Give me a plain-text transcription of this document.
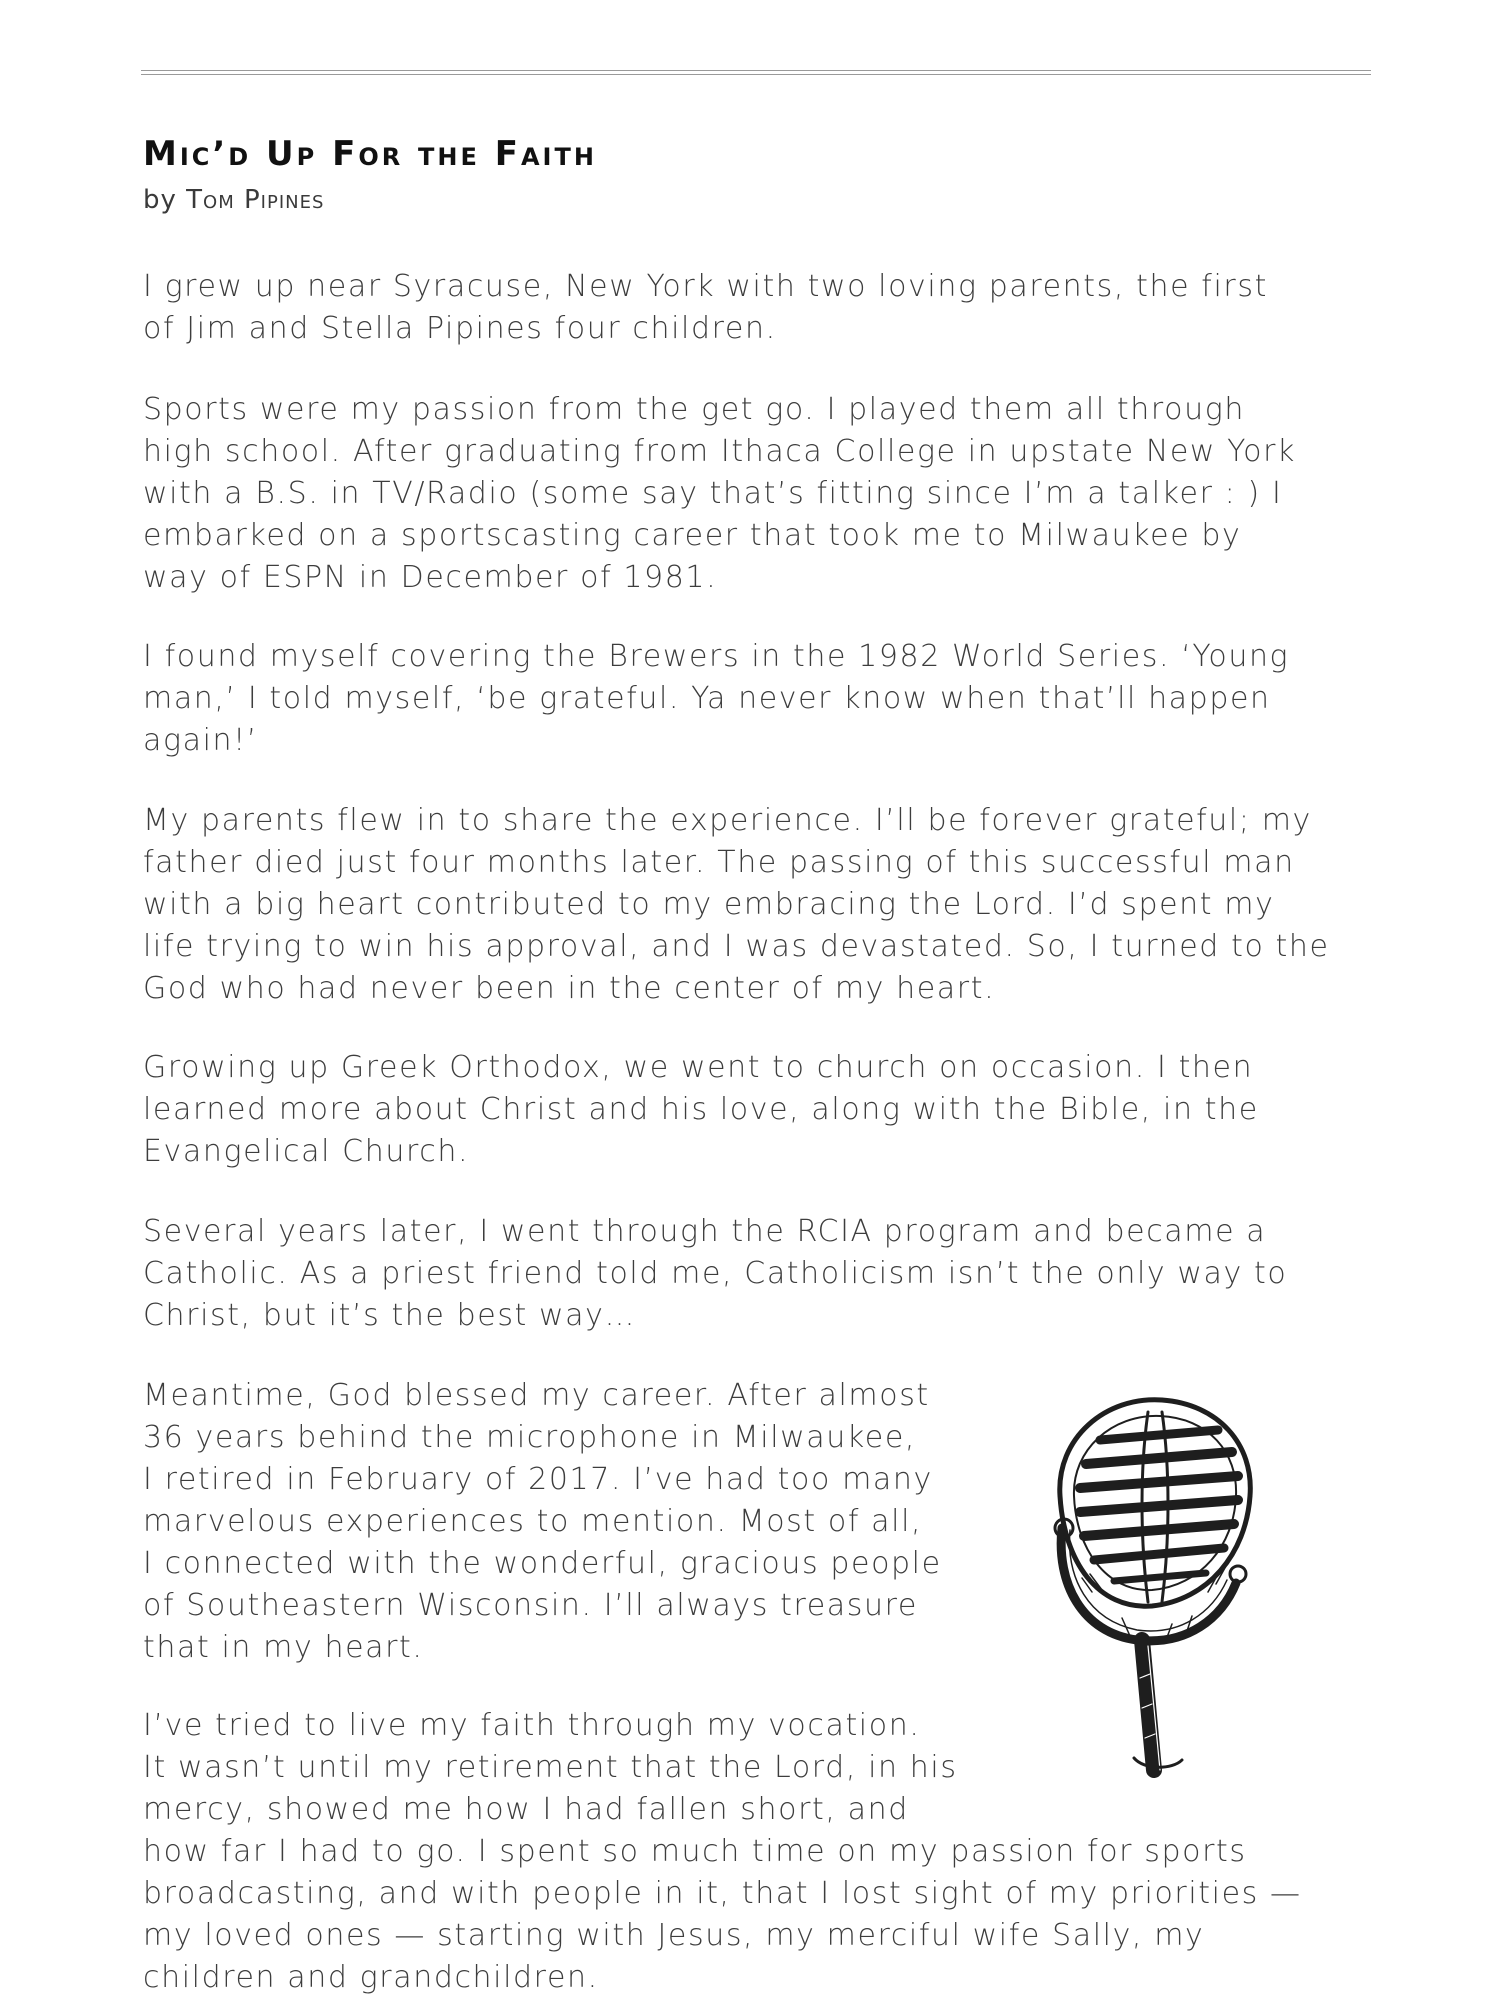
Mic’d Up For the Faith

by Tom Pipines

I grew up near Syracuse, New York with two loving parents, the first
of Jim and Stella Pipines four children.

Sports were my passion from the get go. I played them all through
high school. After graduating from Ithaca College in upstate New York
with a B.S. in TV/Radio (some say that’s fitting since I’m a talker : ) I
embarked on a sportscasting career that took me to Milwaukee by
way of ESPN in December of 1981.

I found myself covering the Brewers in the 1982 World Series. ‘Young
man,’ I told myself, ‘be grateful. Ya never know when that’ll happen
again!’

My parents flew in to share the experience. I’ll be forever grateful; my
father died just four months later. The passing of this successful man
with a big heart contributed to my embracing the Lord. I’d spent my
life trying to win his approval, and I was devastated. So, I turned to the
God who had never been in the center of my heart.

Growing up Greek Orthodox, we went to church on occasion. I then
learned more about Christ and his love, along with the Bible, in the
Evangelical Church.

Several years later, I went through the RCIA program and became a
Catholic. As a priest friend told me, Catholicism isn’t the only way to
Christ, but it’s the best way…

Meantime, God blessed my career. After almost
36 years behind the microphone in Milwaukee,
I retired in February of 2017. I’ve had too many
marvelous experiences to mention. Most of all,
I connected with the wonderful, gracious people
of Southeastern Wisconsin. I’ll always treasure
that in my heart.

I’ve tried to live my faith through my vocation.
It wasn’t until my retirement that the Lord, in his
mercy, showed me how I had fallen short, and
how far I had to go. I spent so much time on my passion for sports
broadcasting, and with people in it, that I lost sight of my priorities —
my loved ones — starting with Jesus, my merciful wife Sally, my
children and grandchildren.
